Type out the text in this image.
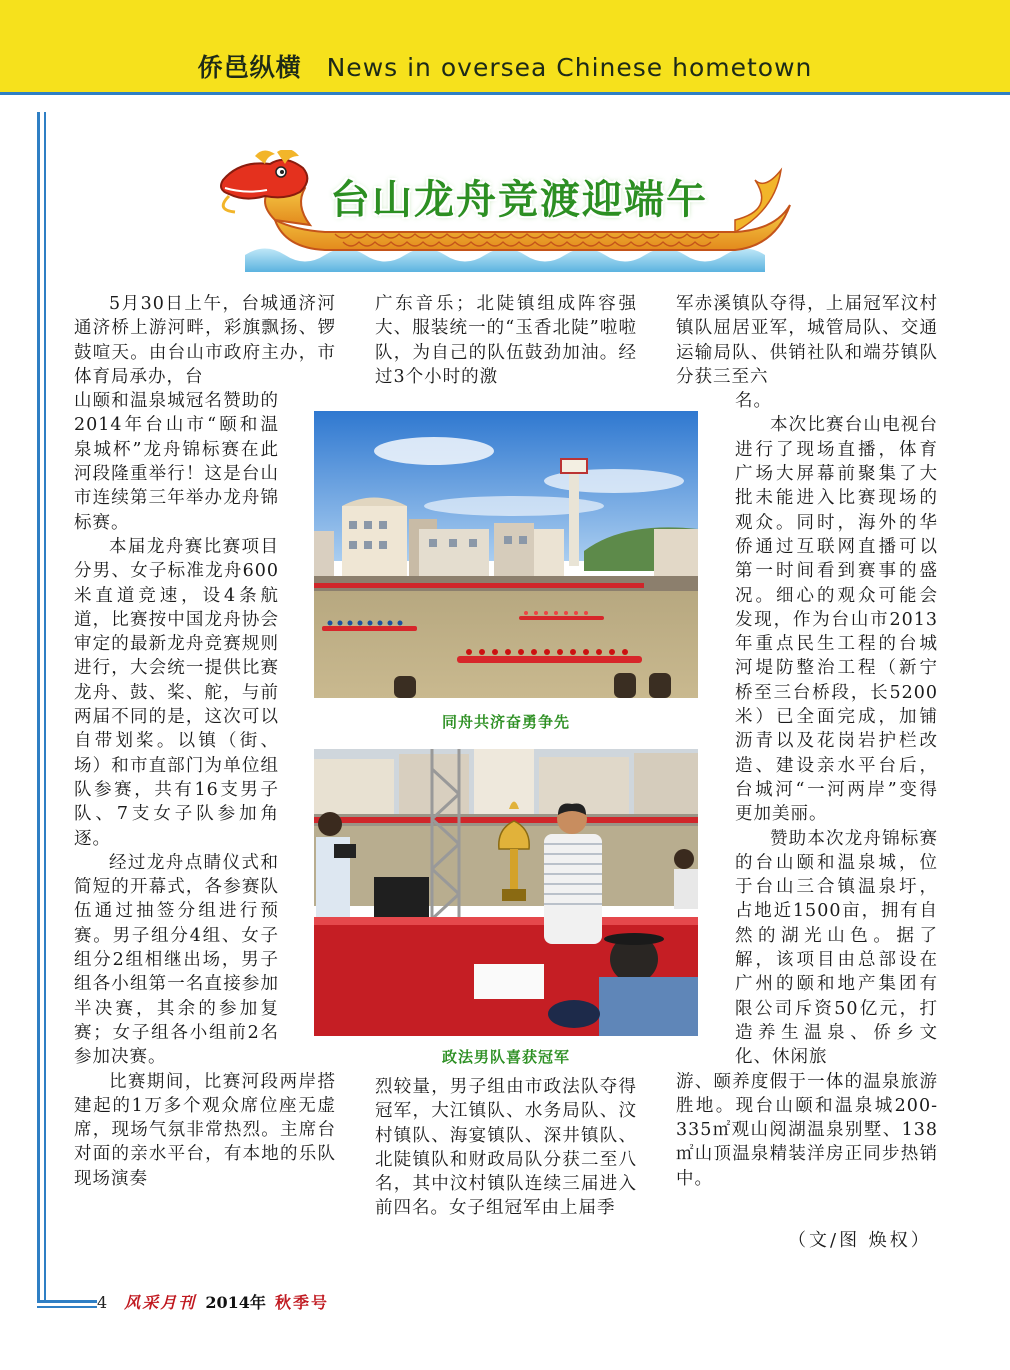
侨邑纵横 News in oversea Chinese hometown
台山龙舟竞渡迎端午

5月30日上午，台城通济河通济桥上游河畔，彩旗飘扬、锣鼓喧天。由台山市政府主办，市体育局承办，台

山颐和温泉城冠名赞助的2014年台山市“颐和温泉城杯”龙舟锦标赛在此河段隆重举行！这是台山市连续第三年举办龙舟锦标赛。

本届龙舟赛比赛项目分男、女子标准龙舟600米直道竞速，设4条航道，比赛按中国龙舟协会审定的最新龙舟竞赛规则进行，大会统一提供比赛龙舟、鼓、桨、舵，与前两届不同的是，这次可以自带划桨。以镇（街、场）和市直部门为单位组队参赛，共有16支男子队、7支女子队参加角逐。

经过龙舟点睛仪式和简短的开幕式，各参赛队伍通过抽签分组进行预赛。男子组分4组、女子组分2组相继出场，男子组各小组第一名直接参加半决赛，其余的参加复赛；女子组各小组前2名参加决赛。

比赛期间，比赛河段两岸搭建起的1万多个观众席位座无虚席，现场气氛非常热烈。主席台对面的亲水平台，有本地的乐队现场演奏

广东音乐；北陡镇组成阵容强大、服装统一的“玉香北陡”啦啦队，为自己的队伍鼓劲加油。经过3个小时的激

同舟共济奋勇争先
政法男队喜获冠军

烈较量，男子组由市政法队夺得冠军，大江镇队、水务局队、汶村镇队、海宴镇队、深井镇队、北陡镇队和财政局队分获二至八名，其中汶村镇队连续三届进入前四名。女子组冠军由上届季

军赤溪镇队夺得，上届冠军汶村镇队屈居亚军，城管局队、交通运输局队、供销社队和端芬镇队分获三至六

名。

本次比赛台山电视台进行了现场直播，体育广场大屏幕前聚集了大批未能进入比赛现场的观众。同时，海外的华侨通过互联网直播可以第一时间看到赛事的盛况。细心的观众可能会发现，作为台山市2013年重点民生工程的台城河堤防整治工程（新宁桥至三台桥段，长5200米）已全面完成，加铺沥青以及花岗岩护栏改造、建设亲水平台后，台城河“一河两岸”变得更加美丽。

赞助本次龙舟锦标赛的台山颐和温泉城，位于台山三合镇温泉圩，占地近1500亩，拥有自然的湖光山色。据了解，该项目由总部设在广州的颐和地产集团有限公司斥资50亿元，打造养生温泉、侨乡文化、休闲旅

游、颐养度假于一体的温泉旅游胜地。现台山颐和温泉城200-335㎡观山阅湖温泉别墅、138㎡山顶温泉精装洋房正同步热销中。

（文/图 焕权）
4 风采月刊 2014年 秋季号
